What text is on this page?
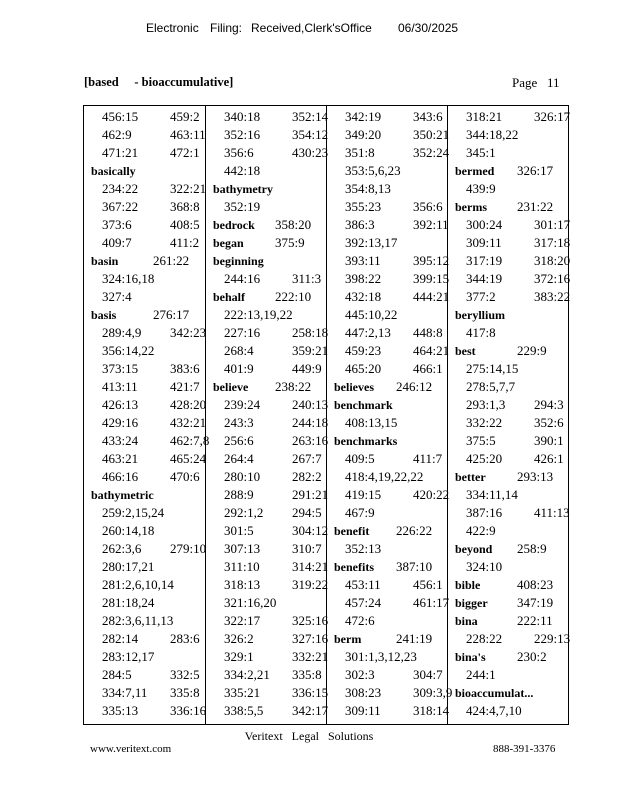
Electronic

Filing:

Received,Clerk'sOffice

06/30/2025

[based     - bioaccumulative]	Page 11
456:15 459:2
462:9	463:11
471:21 472:1
basically
234:22 322:21
367:22 368:8
373:6	408:5
409:7	411:2
basin	261:22
324:16,18
327:4
basis	276:17
289:4,9 342:23
356:14,22
373:15 383:6
413:11 421:7
426:13 428:20
429:16 432:21
433:24 462:7,8
463:21 465:24
466:16 470:6
bathymetric
259:2,15,24
260:14,18
262:3,6 279:10
280:17,21
281:2,6,10,14
281:18,24
282:3,6,11,13
282:14 283:6
283:12,17
284:5	332:5
334:7,11 335:8
335:13 336:16
340:18 352:14
352:16 354:12
356:6	430:23
442:18
bathymetry
352:19
bedrock 358:20
began 375:9
beginning
244:16 311:3
behalf 222:10
222:13,19,22
227:16 258:18
268:4	359:21
401:9	449:9
believe 238:22
239:24 240:13
243:3	244:18
256:6	263:16
264:4	267:7
280:10 282:2
288:9	291:21
292:1,2 294:5
301:5	304:12
307:13 310:7
311:10 314:21
318:13 319:22
321:16,20
322:17 325:16
326:2	327:16
329:1	332:21
334:2,21 335:8
335:21 336:15
338:5,5 342:17
342:19 343:6
349:20 350:21
351:8	352:24
353:5,6,23
354:8,13
355:23 356:6
386:3	392:11
392:13,17
393:11 395:12
398:22 399:15
432:18 444:21
445:10,22
447:2,13 448:8
459:23 464:21
465:20 466:1
believes 246:12
benchmark
408:13,15
benchmarks
409:5	411:7
418:4,19,22,22
419:15 420:22
467:9
benefit 226:22
352:13
benefits 387:10
453:11 456:1
457:24 461:17
472:6
berm	241:19
301:1,3,12,23
302:3	304:7
308:23 309:3,9
309:11 318:14
318:21 326:17
344:18,22
345:1
bermed 326:17
439:9
berms 231:22
300:24 301:17
309:11 317:18
317:19 318:20
344:19 372:16
377:2	383:22
beryllium
417:8
best	229:9
275:14,15
278:5,7,7
293:1,3 294:3
332:22 352:6
375:5	390:1
425:20 426:1
better 293:13
334:11,14
387:16 411:13
422:9
beyond 258:9
324:10
bible	408:23
bigger 347:19
bina	222:11
228:22 229:13
bina's 230:2
244:1
bioaccumulat...
424:4,7,10
Veritext   Legal   Solutions
www.veritext.com	888-391-3376
